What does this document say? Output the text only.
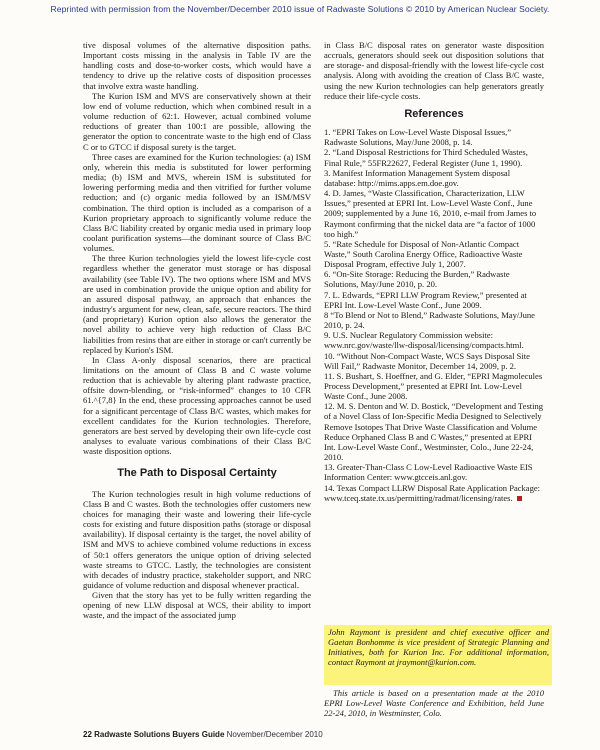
Reprinted with permission from the November/December 2010 issue of Radwaste Solutions © 2010 by American Nuclear Society.

tive disposal volumes of the alternative disposition paths. Important costs missing in the analysis in Table IV are the handling costs and dose-to-worker costs, which would have a tendency to drive up the relative costs of disposition processes that involve extra waste handling.

The Kurion ISM and MVS are conservatively shown at their low end of volume reduction, which when combined result in a volume reduction of 62:1. However, actual combined volume reductions of greater than 100:1 are possible, allowing the generator the option to concentrate waste to the high end of Class C or to GTCC if disposal surety is the target.

Three cases are examined for the Kurion technologies: (a) ISM only, wherein this media is substituted for lower performing media; (b) ISM and MVS, wherein ISM is substituted for lowering performing media and then vitrified for further volume reduction; and (c) organic media followed by an ISM/MSV combination. The third option is included as a comparison of a Kurion proprietary approach to significantly volume reduce the Class B/C liability created by organic media used in primary loop coolant purification systems—the dominant source of Class B/C volumes.

The three Kurion technologies yield the lowest life-cycle cost regardless whether the generator must storage or has disposal availability (see Table IV). The two options where ISM and MVS are used in combination provide the unique option and ability for an assured disposal pathway, an approach that enhances the industry's argument for new, clean, safe, secure reactors. The third (and proprietary) Kurion option also allows the generator the novel ability to achieve very high reduction of Class B/C liabilities from resins that are either in storage or can't currently be replaced by Kurion's ISM.

In Class A-only disposal scenarios, there are practical limitations on the amount of Class B and C waste volume reduction that is achievable by altering plant radwaste practice, offsite down-blending, or “risk-informed” changes to 10 CFR 61.^{7,8} In the end, these processing approaches cannot be used for a significant percentage of Class B/C wastes, which makes for excellent candidates for the Kurion technologies. Therefore, generators are best served by developing their own life-cycle cost analyses to evaluate various combinations of their Class B/C waste disposition options.

The Path to Disposal Certainty

The Kurion technologies result in high volume reductions of Class B and C wastes. Both the technologies offer customers new choices for managing their waste and lowering their life-cycle costs for existing and future disposition paths (storage or disposal availability). If disposal certainty is the target, the novel ability of ISM and MVS to achieve combined volume reductions in excess of 50:1 offers generators the unique option of driving selected waste streams to GTCC. Lastly, the technologies are consistent with decades of industry practice, stakeholder support, and NRC guidance of volume reduction and disposal whenever practical.

Given that the story has yet to be fully written regarding the opening of new LLW disposal at WCS, their ability to import waste, and the impact of the associated jump

in Class B/C disposal rates on generator waste disposition accruals, generators should seek out disposition solutions that are storage- and disposal-friendly with the lowest life-cycle cost analysis. Along with avoiding the creation of Class B/C waste, using the new Kurion technologies can help generators greatly reduce their life-cycle costs.

References
1. “EPRI Takes on Low-Level Waste Disposal Issues,” Radwaste Solutions, May/June 2008, p. 14.
2. “Land Disposal Restrictions for Third Scheduled Wastes, Final Rule,” 55FR22627, Federal Register (June 1, 1990).
3. Manifest Information Management System disposal database: http://mims.apps.em.doe.gov.
4. D. James, “Waste Classification, Characterization, LLW Issues,” presented at EPRI Int. Low-Level Waste Conf., June 2009; supplemented by a June 16, 2010, e-mail from James to Raymont confirming that the nickel data are “a factor of 1000 too high.”
5. “Rate Schedule for Disposal of Non-Atlantic Compact Waste,” South Carolina Energy Office, Radioactive Waste Disposal Program, effective July 1, 2007.
6. “On-Site Storage: Reducing the Burden,” Radwaste Solutions, May/June 2010, p. 20.
7. L. Edwards, “EPRI LLW Program Review,” presented at EPRI Int. Low-Level Waste Conf., June 2009.
8 “To Blend or Not to Blend,” Radwaste Solutions, May/June 2010, p. 24.
9. U.S. Nuclear Regulatory Commission website: www.nrc.gov/waste/llw-disposal/licensing/compacts.html.
10. “Without Non-Compact Waste, WCS Says Disposal Site Will Fail,” Radwaste Monitor, December 14, 2009, p. 2.
11. S. Bushart, S. Hoeffner, and G. Elder, “EPRI Magmolecules Process Development,” presented at EPRI Int. Low-Level Waste Conf., June 2008.
12. M. S. Denton and W. D. Bostick, “Development and Testing of a Novel Class of Ion-Specific Media Designed to Selectively Remove Isotopes That Drive Waste Classification and Volume Reduce Orphaned Class B and C Wastes,” presented at EPRI Int. Low-Level Waste Conf., Westminster, Colo., June 22-24, 2010.
13. Greater-Than-Class C Low-Level Radioactive Waste EIS Information Center: www.gtcceis.anl.gov.
14. Texas Compact LLRW Disposal Rate Application Package: www.tceq.state.tx.us/permitting/radmat/licensing/rates.
John Raymont is president and chief executive officer and Gaetan Bonhomme is vice president of Strategic Planning and Initiatives, both for Kurion Inc. For additional information, contact Raymont at jraymont@kurion.com.
This article is based on a presentation made at the 2010 EPRI Low-Level Waste Conference and Exhibition, held June 22-24, 2010, in Westminster, Colo.
22 Radwaste Solutions Buyers Guide November/December 2010
